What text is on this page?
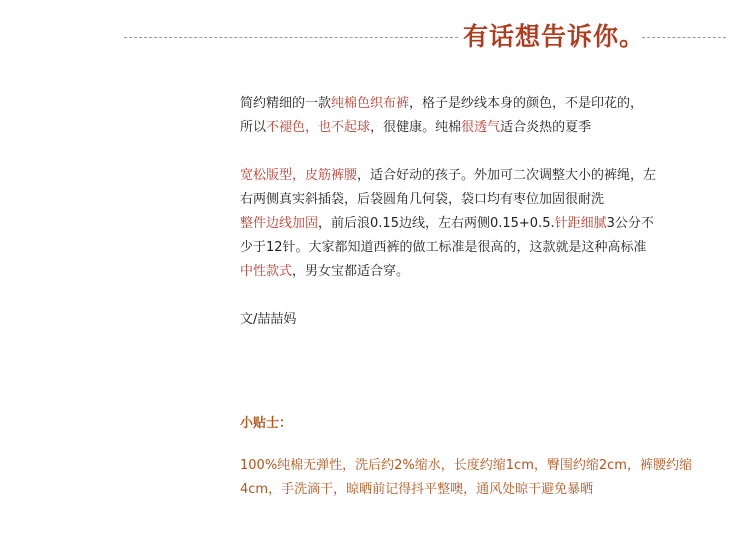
有话想告诉你。
简约精细的一款纯棉色织布裤，格子是纱线本身的颜色，不是印花的，
所以不褪色，也不起球，很健康。纯棉很透气适合炎热的夏季
宽松版型，皮筋裤腰，适合好动的孩子。外加可二次调整大小的裤绳，左
右两侧真实斜插袋，后袋圆角几何袋，袋口均有枣位加固很耐洗
整件边线加固，前后浪0.15边线，左右两侧0.15+0.5.针距细腻3公分不
少于12针。大家都知道西裤的做工标准是很高的，这款就是这种高标准
中性款式，男女宝都适合穿。
文/喆喆妈
小贴士：
100%纯棉无弹性，洗后约2%缩水，长度约缩1cm，臀围约缩2cm，裤腰约缩
4cm，手洗滴干，晾晒前记得抖平整噢，通风处晾干避免暴晒
